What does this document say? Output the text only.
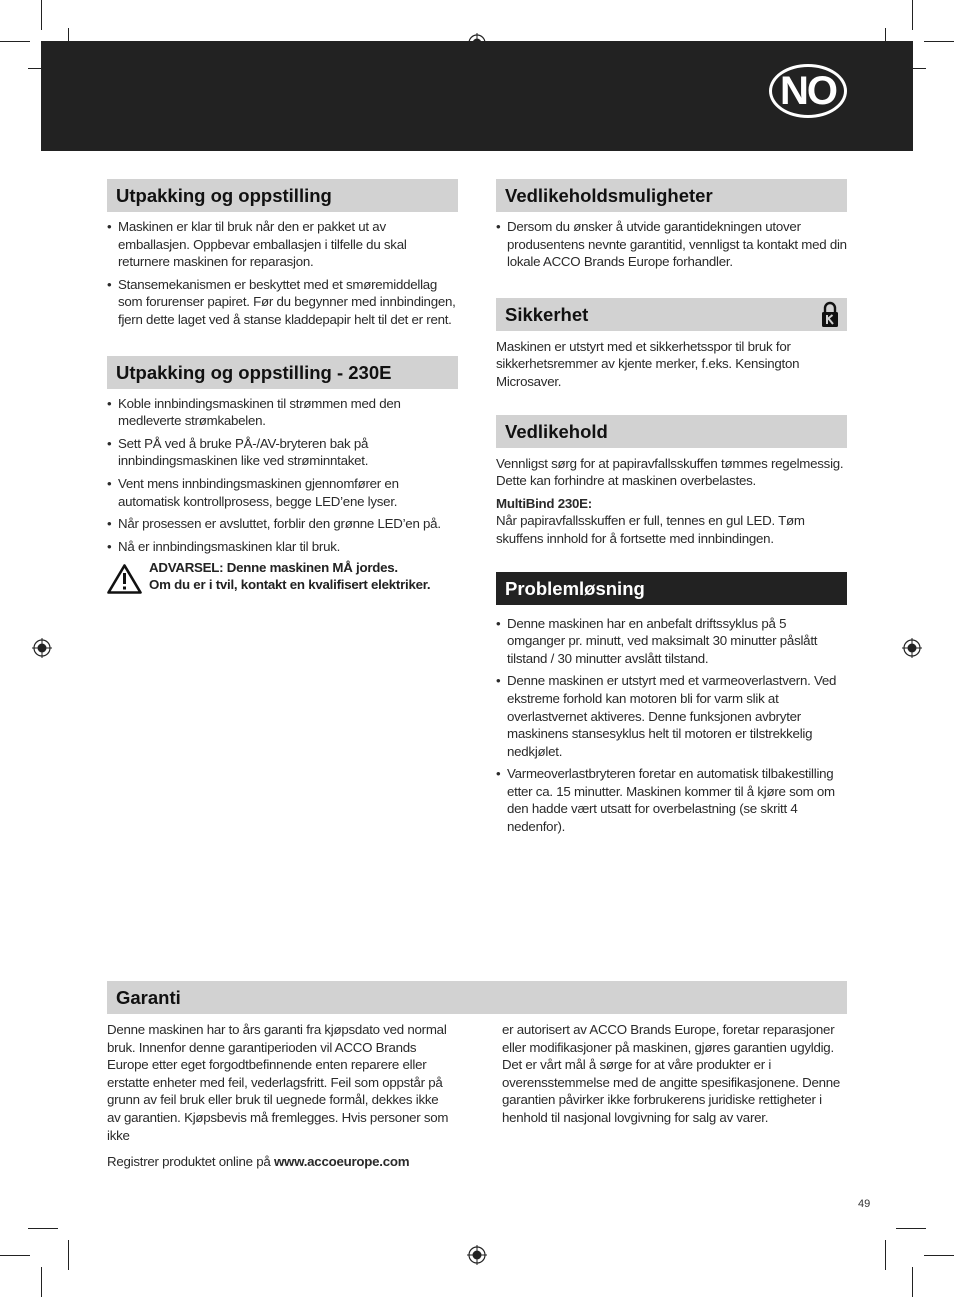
NO
Utpakking og oppstilling
• Maskinen er klar til bruk når den er pakket ut av emballasjen. Oppbevar emballasjen i tilfelle du skal returnere maskinen for reparasjon.
• Stansemekanismen er beskyttet med et smøremiddellag som forurenser papiret. Før du begynner med innbindingen, fjern dette laget ved å stanse kladdepapir helt til det er rent.
Utpakking og oppstilling - 230E
• Koble innbindingsmaskinen til strømmen med den medleverte strømkabelen.
• Sett PÅ ved å bruke PÅ-/AV-bryteren bak på innbindingsmaskinen like ved strøminntaket.
• Vent mens innbindingsmaskinen gjennomfører en automatisk kontrollprosess, begge LED’ene lyser.
• Når prosessen er avsluttet, forblir den grønne LED’en på.
• Nå er innbindingsmaskinen klar til bruk.
ADVARSEL: Denne maskinen MÅ jordes.
Om du er i tvil, kontakt en kvalifisert elektriker.
Vedlikeholdsmuligheter
• Dersom du ønsker å utvide garantidekningen utover produsentens nevnte garantitid, vennligst ta kontakt med din lokale ACCO Brands Europe forhandler.
Sikkerhet

Maskinen er utstyrt med et sikkerhetsspor til bruk for sikkerhetsremmer av kjente merker, f.eks. Kensington Microsaver.

Vedlikehold

Vennligst sørg for at papiravfallsskuffen tømmes regelmessig. Dette kan forhindre at maskinen overbelastes.

MultiBind 230E:

Når papiravfallsskuffen er full, tennes en gul LED. Tøm skuffens innhold for å fortsette med innbindingen.

Problemløsning
• Denne maskinen har en anbefalt driftssyklus på 5 omganger pr. minutt, ved maksimalt 30 minutter påslått tilstand / 30 minutter avslått tilstand.
• Denne maskinen er utstyrt med et varmeoverlastvern. Ved ekstreme forhold kan motoren bli for varm slik at overlastvernet aktiveres. Denne funksjonen avbryter maskinens stansesyklus helt til motoren er tilstrekkelig nedkjølet.
• Varmeoverlastbryteren foretar en automatisk tilbakestilling etter ca. 15 minutter. Maskinen kommer til å kjøre som om den hadde vært utsatt for overbelastning (se skritt 4 nedenfor).
Garanti

Denne maskinen har to års garanti fra kjøpsdato ved normal bruk. Innenfor denne garantiperioden vil ACCO Brands Europe etter eget forgodtbefinnende enten reparere eller erstatte enheter med feil, vederlagsfritt. Feil som oppstår på grunn av feil bruk eller bruk til uegnede formål, dekkes ikke av garantien. Kjøpsbevis må fremlegges. Hvis personer som ikke

Registrer produktet online på www.accoeurope.com

er autorisert av ACCO Brands Europe, foretar reparasjoner eller modifikasjoner på maskinen, gjøres garantien ugyldig. Det er vårt mål å sørge for at våre produkter er i overensstemmelse med de angitte spesifikasjonene. Denne garantien påvirker ikke forbrukerens juridiske rettigheter i henhold til nasjonal lovgivning for salg av varer.

49
